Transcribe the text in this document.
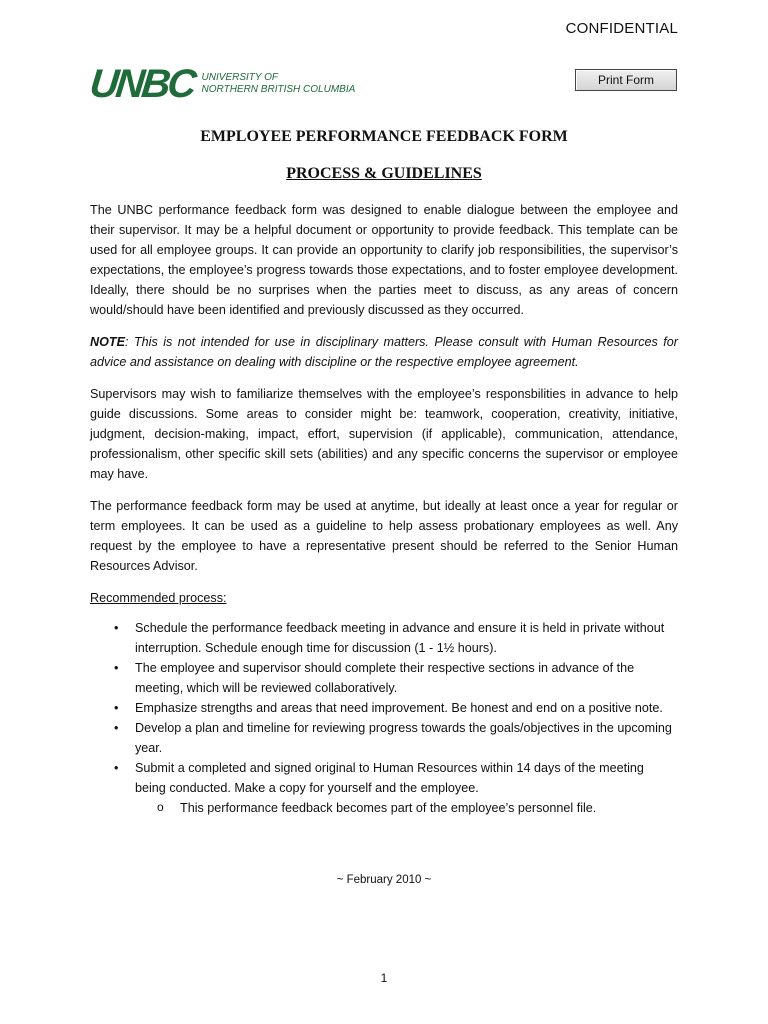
CONFIDENTIAL
UNBC UNIVERSITY OF
NORTHERN BRITISH COLUMBIA
Print Form
EMPLOYEE PERFORMANCE FEEDBACK FORM
PROCESS & GUIDELINES

The UNBC performance feedback form was designed to enable dialogue between the employee and their supervisor. It may be a helpful document or opportunity to provide feedback. This template can be used for all employee groups. It can provide an opportunity to clarify job responsibilities, the supervisor’s expectations, the employee’s progress towards those expectations, and to foster employee development. Ideally, there should be no surprises when the parties meet to discuss, as any areas of concern would/should have been identified and previously discussed as they occurred.

NOTE: This is not intended for use in disciplinary matters. Please consult with Human Resources for advice and assistance on dealing with discipline or the respective employee agreement.

Supervisors may wish to familiarize themselves with the employee’s responsbilities in advance to help guide discussions. Some areas to consider might be: teamwork, cooperation, creativity, initiative, judgment, decision-making, impact, effort, supervision (if applicable), communication, attendance, professionalism, other specific skill sets (abilities) and any specific concerns the supervisor or employee may have.

The performance feedback form may be used at anytime, but ideally at least once a year for regular or term employees. It can be used as a guideline to help assess probationary employees as well. Any request by the employee to have a representative present should be referred to the Senior Human Resources Advisor.

Recommended process:

• Schedule the performance feedback meeting in advance and ensure it is held in private without interruption. Schedule enough time for discussion (1 - 1½ hours).
• The employee and supervisor should complete their respective sections in advance of the meeting, which will be reviewed collaboratively.
• Emphasize strengths and areas that need improvement. Be honest and end on a positive note.
• Develop a plan and timeline for reviewing progress towards the goals/objectives in the upcoming year.
• Submit a completed and signed original to Human Resources within 14 days of the meeting being conducted. Make a copy for yourself and the employee.
o This performance feedback becomes part of the employee’s personnel file.
~ February 2010 ~
1
